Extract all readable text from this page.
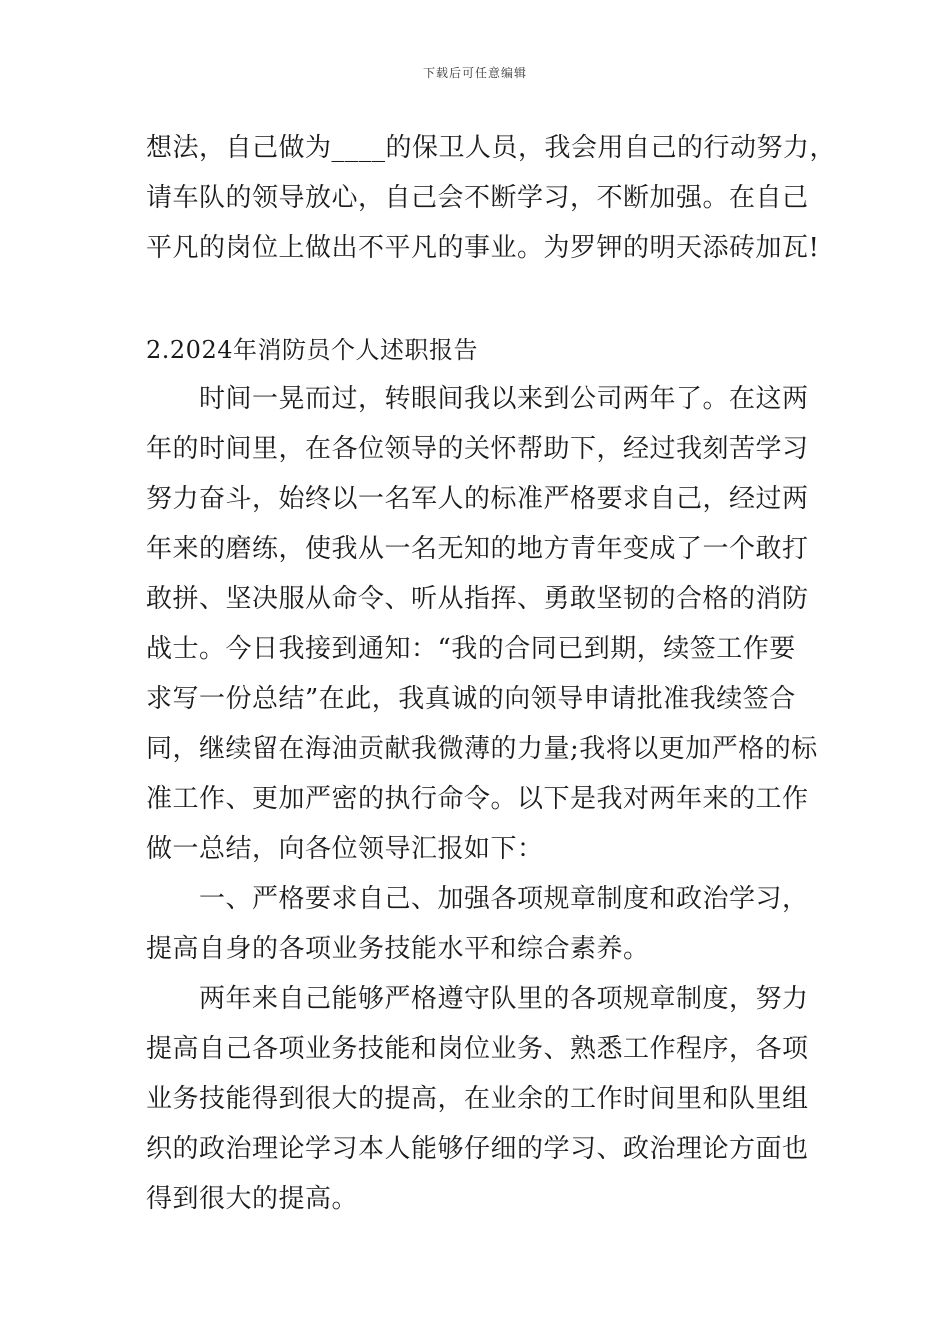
下载后可任意编辑
想法，自己做为____的保卫人员，我会用自己的行动努力，
请车队的领导放心，自己会不断学习，不断加强。在自己
平凡的岗位上做出不平凡的事业。为罗钾的明天添砖加瓦!
2.2024年消防员个人述职报告
　　时间一晃而过，转眼间我以来到公司两年了。在这两
年的时间里，在各位领导的关怀帮助下，经过我刻苦学习
努力奋斗，始终以一名军人的标准严格要求自己，经过两
年来的磨练，使我从一名无知的地方青年变成了一个敢打
敢拼、坚决服从命令、听从指挥、勇敢坚韧的合格的消防
战士。今日我接到通知：“我的合同已到期，续签工作要
求写一份总结”在此，我真诚的向领导申请批准我续签合
同，继续留在海油贡献我微薄的力量;我将以更加严格的标
准工作、更加严密的执行命令。以下是我对两年来的工作
做一总结，向各位领导汇报如下：
　　一、严格要求自己、加强各项规章制度和政治学习，
提高自身的各项业务技能水平和综合素养。
　　两年来自己能够严格遵守队里的各项规章制度，努力
提高自己各项业务技能和岗位业务、熟悉工作程序，各项
业务技能得到很大的提高，在业余的工作时间里和队里组
织的政治理论学习本人能够仔细的学习、政治理论方面也
得到很大的提高。
